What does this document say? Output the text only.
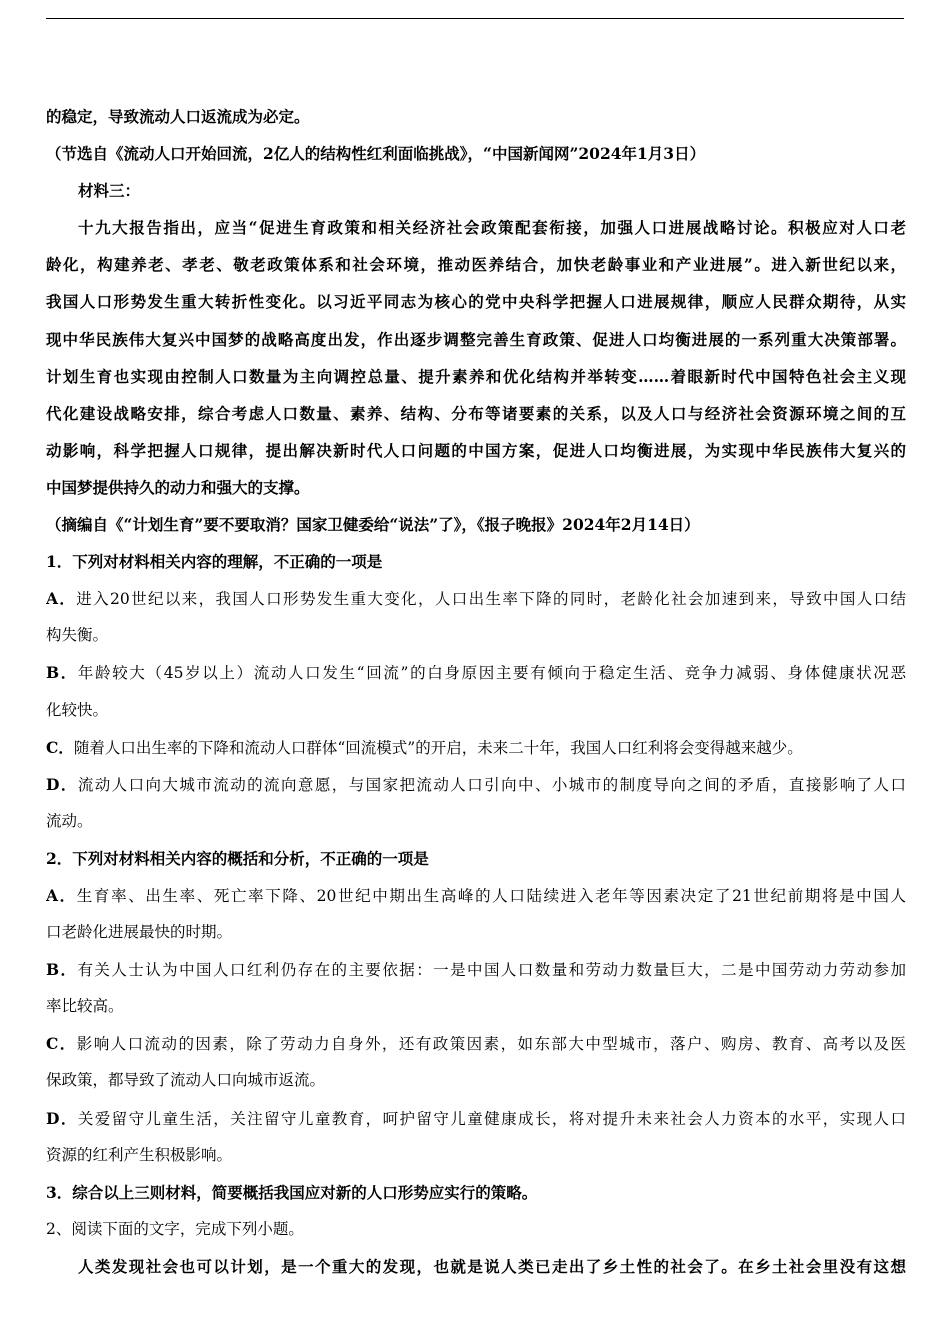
的稳定，导致流动人口返流成为必定。
（节选自《流动人口开始回流，2亿人的结构性红利面临挑战》，“中国新闻网”2024年1月3日）
材料三：
十九大报告指出，应当“促进生育政策和相关经济社会政策配套衔接，加强人口进展战略讨论。积极应对人口老
龄化，构建养老、孝老、敬老政策体系和社会环境，推动医养结合，加快老龄事业和产业进展”。进入新世纪以来，
我国人口形势发生重大转折性变化。以习近平同志为核心的党中央科学把握人口进展规律，顺应人民群众期待，从实
现中华民族伟大复兴中国梦的战略高度出发，作出逐步调整完善生育政策、促进人口均衡进展的一系列重大决策部署。
计划生育也实现由控制人口数量为主向调控总量、提升素养和优化结构并举转变……着眼新时代中国特色社会主义现
代化建设战略安排，综合考虑人口数量、素养、结构、分布等诸要素的关系，以及人口与经济社会资源环境之间的互
动影响，科学把握人口规律，提出解决新时代人口问题的中国方案，促进人口均衡进展，为实现中华民族伟大复兴的
中国梦提供持久的动力和强大的支撑。
（摘编自《“计划生育”要不要取消？国家卫健委给“说法”了》，《报子晚报》2024年2月14日）
1．下列对材料相关内容的理解，不正确的一项是
A．进入20世纪以来，我国人口形势发生重大变化，人口出生率下降的同时，老龄化社会加速到来，导致中国人口结
构失衡。
B．年龄较大（45岁以上）流动人口发生“回流”的白身原因主要有倾向于稳定生活、竞争力减弱、身体健康状况恶
化较快。
C．随着人口出生率的下降和流动人口群体“回流模式”的开启，未来二十年，我国人口红利将会变得越来越少。
D．流动人口向大城市流动的流向意愿，与国家把流动人口引向中、小城市的制度导向之间的矛盾，直接影响了人口
流动。
2．下列对材料相关内容的概括和分析，不正确的一项是
A．生育率、出生率、死亡率下降、20世纪中期出生高峰的人口陆续进入老年等因素决定了21世纪前期将是中国人
口老龄化进展最快的时期。
B．有关人士认为中国人口红利仍存在的主要依据：一是中国人口数量和劳动力数量巨大，二是中国劳动力劳动参加
率比较高。
C．影响人口流动的因素，除了劳动力自身外，还有政策因素，如东部大中型城市，落户、购房、教育、高考以及医
保政策，都导致了流动人口向城市返流。
D．关爱留守儿童生活，关注留守儿童教育，呵护留守儿童健康成长，将对提升未来社会人力资本的水平，实现人口
资源的红利产生积极影响。
3．综合以上三则材料，简要概括我国应对新的人口形势应实行的策略。
2、阅读下面的文字，完成下列小题。
人类发现社会也可以计划，是一个重大的发现，也就是说人类已走出了乡土性的社会了。在乡土社会里没有这想
